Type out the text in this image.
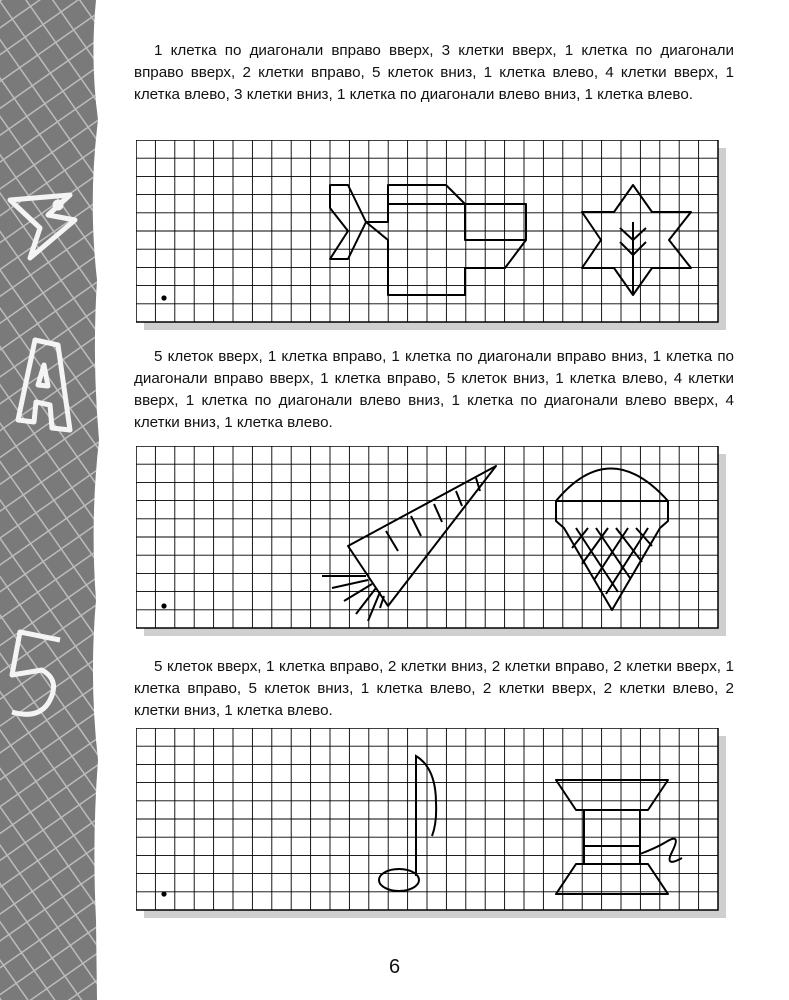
1 клетка по диагонали вправо вверх, 3 клетки вверх, 1 клетка по диагонали вправо вверх, 2 клетки вправо, 5 клеток вниз, 1 клетка влево, 4 клетки вверх, 1 клетка влево, 3 клетки вниз, 1 клетка по диагонали влево вниз, 1 клетка влево.

5 клеток вверх, 1 клетка вправо, 1 клетка по диагонали вправо вниз, 1 клетка по диагонали вправо вверх, 1 клетка вправо, 5 клеток вниз, 1 клетка влево, 4 клетки вверх, 1 клетка по диагонали влево вниз, 1 клетка по диагонали влево вверх, 4 клетки вниз, 1 клетка влево.

5 клеток вверх, 1 клетка вправо, 2 клетки вниз, 2 клетки вправо, 2 клетки вверх, 1 клетка вправо, 5 клеток вниз, 1 клетка влево, 2 клетки вверх, 2 клетки влево, 2 клетки вниз, 1 клетка влево.

6
